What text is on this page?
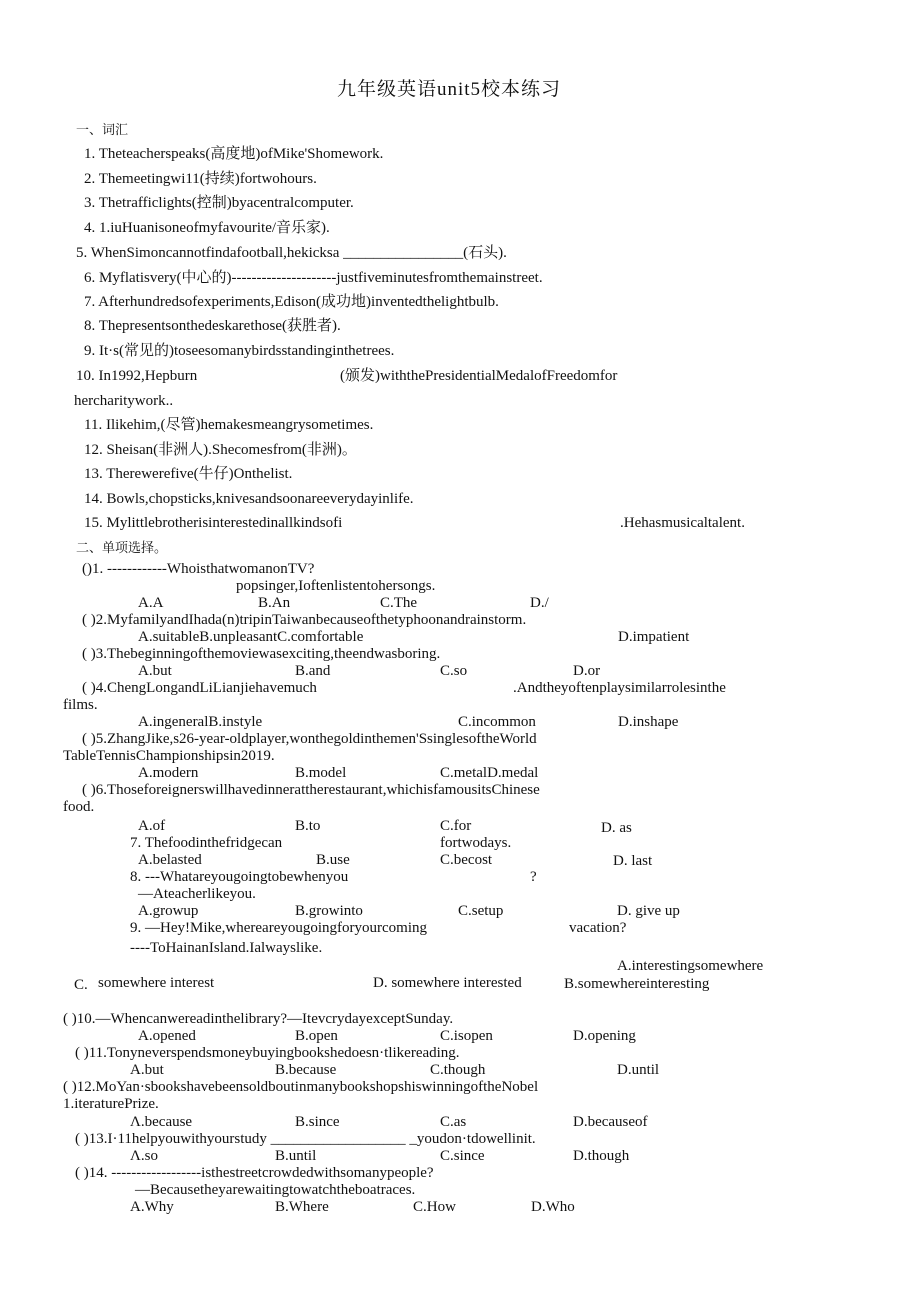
九年级英语unit5校本练习
一、词汇
1. Theteacherspeaks(高度地)ofMike'Shomework.
2. Themeetingwi11(持续)fortwohours.
3. Thetrafficlights(控制)byacentralcomputer.
4. 1.iuHuanisoneofmyfavourite/音乐家).
5. WhenSimoncannotfindafootball,hekicksa ________________(石头).
6. Myflatisvery(中心的)---------------------justfiveminutesfromthemainstreet.
7. Afterhundredsofexperiments,Edison(成功地)inventedthelightbulb.
8. Thepresentsonthedeskarethose(获胜者).
9. It·s(常见的)toseesomanybirdsstandinginthetrees.
10. In1992,Hepburn	(颁发)withthePresidentialMedalofFreedomfor
hercharitywork..
11. Ilikehim,(尽管)hemakesmeangrysometimes.
12. Sheisan(非洲人).Shecomesfrom(非洲)。
13. Therewerefive(牛仔)Onthelist.
14. Bowls,chopsticks,knivesandsoonareeverydayinlife.
15. Mylittlebrotherisinterestedinallkindsofi	.Hehasmusicaltalent.
二、单项选择。
()1. ------------WhoisthatwomanonTV?
popsinger,Ioftenlistentohersongs.
A.A	B.An	C.The	D./
( )2.MyfamilyandIhada(n)tripinTaiwanbecauseofthetyphoonandrainstorm.
A.suitableB.unpleasantC.comfortable	D.impatient
( )3.Thebeginningofthemoviewasexciting,theendwasboring.
A.but	B.and	C.so	D.or
( )4.ChengLongandLiLianjiehavemuch	.Andtheyoftenplaysimilarrolesinthe
films.
A.ingeneralB.instyle	C.incommon	D.inshape
( )5.ZhangJike,s26-year-oldplayer,wonthegoldinthemen'SsinglesoftheWorld
TableTennisChampionshipsin2019.
A.modern	B.model	C.metalD.medal
( )6.Thoseforeignerswillhavedinnerattherestaurant,whichisfamousitsChinese
food.
A.of	B.to	C.for	D. as
7. Thefoodinthefridgecan	fortwodays.
A.belasted	B.use	C.becost	D. last
8. ---Whatareyougoingtobewhenyou	?
—Ateacherlikeyou.
A.growup	B.growinto	C.setup	D. give up
9. —Hey!Mike,whereareyougoingforyourcoming	vacation?
----ToHainanIsland.Ialwayslike.
A.interestingsomewhere
C. somewhere interest	D. somewhere interested	B.somewhereinteresting
( )10.—Whencanwereadinthelibrary?—ItevcrydayexceptSunday.
A.opened	B.open	C.isopen	D.opening
( )11.Tonyneverspendsmoneybuyingbookshedoesn·tlikereading.
A.but	B.because	C.though	D.until
( )12.MoYan·sbookshavebeensoldboutinmanybookshopshiswinningoftheNobel
1.iteraturePrize.
Λ.because	B.since	C.as	D.becauseof
( )13.I·11helpyouwithyourstudy __________________ _youdon·tdowellinit.
Λ.so	B.until	C.since	D.though
( )14. ------------------isthestreetcrowdedwithsomanypeople?
—Becausetheyarewaitingtowatchtheboatraces.
A.Why	B.Where	C.How	D.Who
